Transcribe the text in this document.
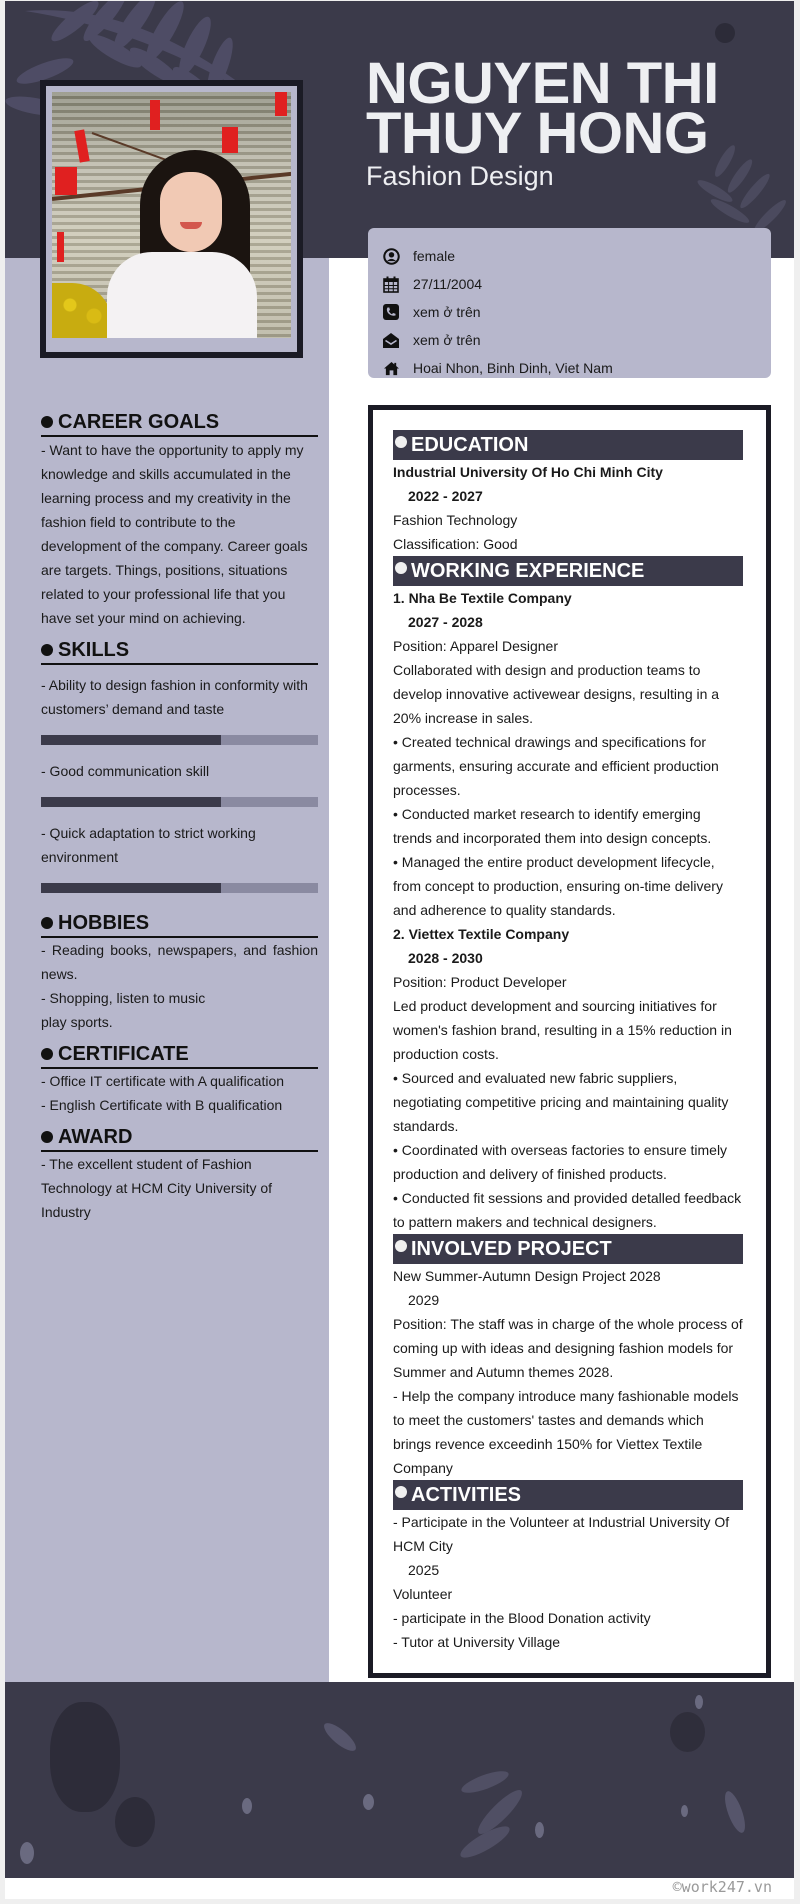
NGUYEN THI
THUY HONG
Fashion Design
female
27/11/2004
xem ở trên
xem ở trên
Hoai Nhon, Binh Dinh, Viet Nam
CAREER GOALS
- Want to have the opportunity to apply my knowledge and skills accumulated in the learning process and my creativity in the fashion field to contribute to the development of the company. Career goals are targets. Things, positions, situations related to your professional life that you have set your mind on achieving.
SKILLS
- Ability to design fashion in conformity with customers’ demand and taste
- Good communication skill
- Quick adaptation to strict working environment
HOBBIES
- Reading books, newspapers, and fashion news.
- Shopping, listen to music
play sports.
CERTIFICATE
- Office IT certificate with A qualification
- English Certificate with B qualification
AWARD
- The excellent student of Fashion Technology at HCM City University of Industry
EDUCATION
Industrial University Of Ho Chi Minh City
2022 - 2027
Fashion Technology
Classification: Good
WORKING EXPERIENCE
1. Nha Be Textile Company
2027 - 2028
Position: Apparel Designer
Collaborated with design and production teams to develop innovative activewear designs, resulting in a 20% increase in sales.
• Created technical drawings and specifications for garments, ensuring accurate and efficient production processes.
• Conducted market research to identify emerging trends and incorporated them into design concepts.
• Managed the entire product development lifecycle, from concept to production, ensuring on-time delivery and adherence to quality standards.
2. Viettex Textile Company
2028 - 2030
Position: Product Developer
Led product development and sourcing initiatives for women's fashion brand, resulting in a 15% reduction in production costs.
• Sourced and evaluated new fabric suppliers, negotiating competitive pricing and maintaining quality standards.
• Coordinated with overseas factories to ensure timely production and delivery of finished products.
• Conducted fit sessions and provided detalled feedback to pattern makers and technical designers.
INVOLVED PROJECT
New Summer-Autumn Design Project 2028
2029
Position: The staff was in charge of the whole process of coming up with ideas and designing fashion models for Summer and Autumn themes 2028.
- Help the company introduce many fashionable models to meet the customers' tastes and demands which brings revence exceedinh 150% for Viettex Textile Company
ACTIVITIES
- Participate in the Volunteer at Industrial University Of HCM City
2025
Volunteer
- participate in the Blood Donation activity
- Tutor at University Village
©work247.vn
